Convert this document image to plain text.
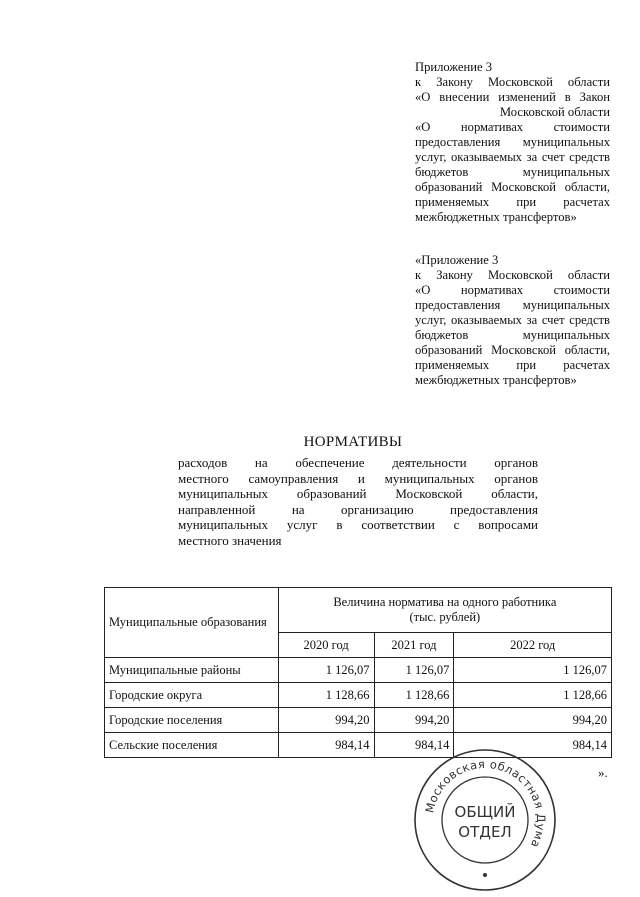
Приложение 3
к Закону Московской области
«О внесении изменений в Закон
Московской области
«О нормативах стоимости
предоставления муниципальных
услуг, оказываемых за счет средств
бюджетов муниципальных
образований Московской области,
применяемых при расчетах
межбюджетных трансфертов»
«Приложение 3
к Закону Московской области
«О нормативах стоимости
предоставления муниципальных
услуг, оказываемых за счет средств
бюджетов муниципальных
образований Московской области,
применяемых при расчетах
межбюджетных трансфертов»
НОРМАТИВЫ
расходов на обеспечение деятельности органов
местного самоуправления и муниципальных органов
муниципальных образований Московской области,
направленной на организацию предоставления
муниципальных услуг в соответствии с вопросами
местного значения
Муниципальные образования	Величина норматива на одного работника
(тыс. рублей)		

	2020 год	2021 год	2022 год
Муниципальные районы	1 126,07	1 126,07	1 126,07
Городские округа	1 128,66	1 128,66	1 128,66
Городские поселения	994,20	994,20	994,20
Сельские поселения	984,14	984,14	984,14
».
Московская областная Дума
ОБЩИЙ
ОТДЕЛ
